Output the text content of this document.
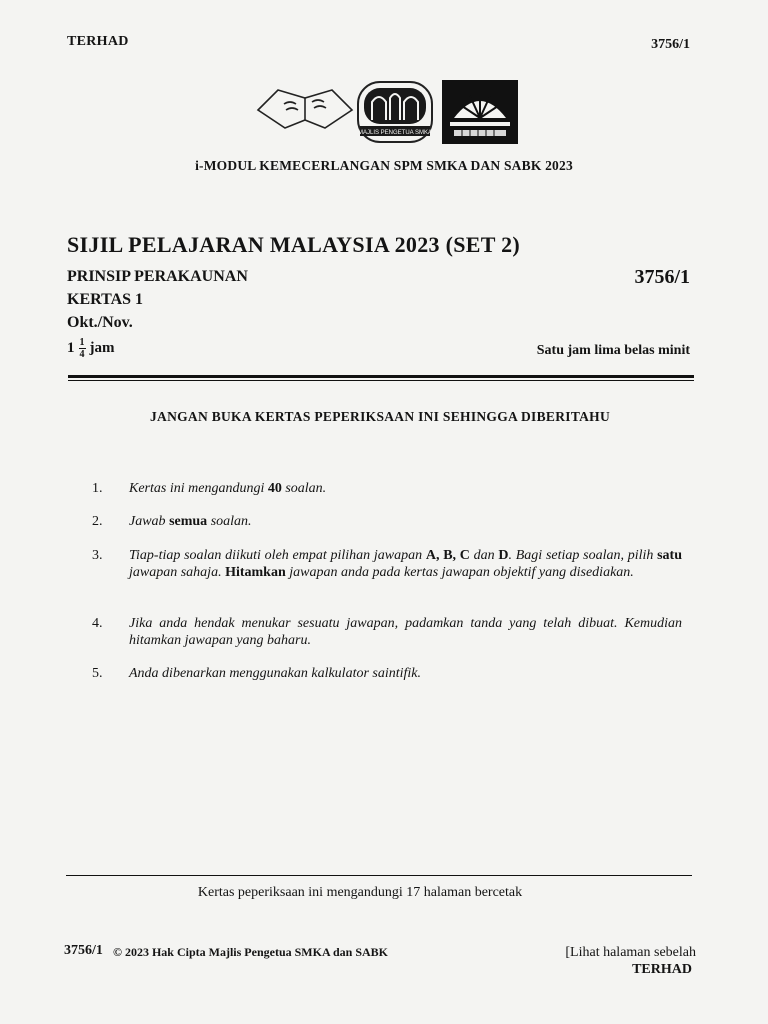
TERHAD	3756/1
MAJLIS PENGETUA SMKA
i-MODUL KEMECERLANGAN SPM SMKA DAN SABK 2023
SIJIL PELAJARAN MALAYSIA 2023 (SET 2)
PRINSIP PERAKAUNAN	3756/1
KERTAS 1
Okt./Nov.
$1 \frac{1}{4}$ jam	Satu jam lima belas minit
JANGAN BUKA KERTAS PEPERIKSAAN INI SEHINGGA DIBERITAHU
1. Kertas ini mengandungi 40 soalan.
2. Jawab semua soalan.
3. Tiap-tiap soalan diikuti oleh empat pilihan jawapan A, B, C dan D. Bagi setiap soalan, pilih satu jawapan sahaja. Hitamkan jawapan anda pada kertas jawapan objektif yang disediakan.
4. Jika anda hendak menukar sesuatu jawapan, padamkan tanda yang telah dibuat. Kemudian hitamkan jawapan yang baharu.
5. Anda dibenarkan menggunakan kalkulator saintifik.
Kertas peperiksaan ini mengandungi 17 halaman bercetak
3756/1 © 2023 Hak Cipta Majlis Pengetua SMKA dan SABK	[Lihat halaman sebelah
TERHAD
